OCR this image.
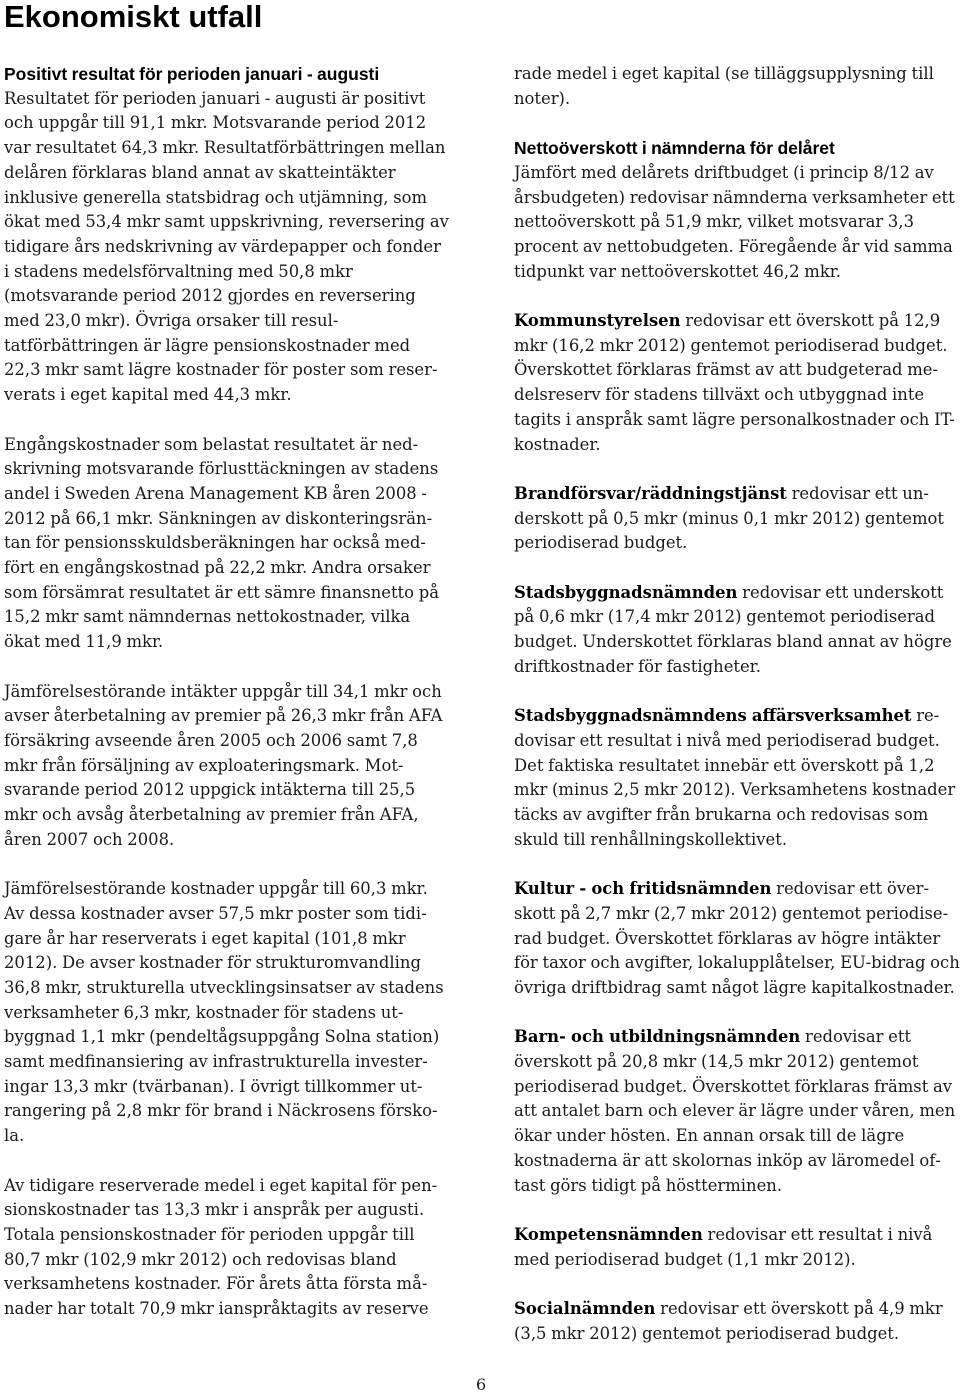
Ekonomiskt utfall
Positivt resultat för perioden januari - augusti

Resultatet för perioden januari - augusti är positivt och uppgår till 91,1 mkr. Motsvarande period 2012 var resultatet 64,3 mkr. Resultatförbättringen mellan delåren förklaras bland annat av skatteintäkter inklusive generella statsbidrag och utjämning, som ökat med 53,4 mkr samt uppskrivning, reversering av tidigare års nedskrivning av värdepapper och fonder i stadens medelsförvaltning med 50,8 mkr (motsvarande period 2012 gjordes en reversering med 23,0 mkr). Övriga orsaker till resultatförbättringen är lägre pensionskostnader med 22,3 mkr samt lägre kostnader för poster som reserverats i eget kapital med 44,3 mkr.

Engångskostnader som belastat resultatet är nedskrivning motsvarande förlusttäckningen av stadens andel i Sweden Arena Management KB åren 2008 - 2012 på 66,1 mkr. Sänkningen av diskonteringsräntan för pensionsskuldsberäkningen har också medfört en engångskostnad på 22,2 mkr. Andra orsaker som försämrat resultatet är ett sämre finansnetto på 15,2 mkr samt nämndernas nettokostnader, vilka ökat med 11,9 mkr.

Jämförelsestörande intäkter uppgår till 34,1 mkr och avser återbetalning av premier på 26,3 mkr från AFA försäkring avseende åren 2005 och 2006 samt 7,8 mkr från försäljning av exploateringsmark. Motsvarande period 2012 uppgick intäkterna till 25,5 mkr och avsåg återbetalning av premier från AFA, åren 2007 och 2008.

Jämförelsestörande kostnader uppgår till 60,3 mkr. Av dessa kostnader avser 57,5 mkr poster som tidigare år har reserverats i eget kapital (101,8 mkr 2012). De avser kostnader för strukturomvandling 36,8 mkr, strukturella utvecklingsinsatser av stadens verksamheter 6,3 mkr, kostnader för stadens utbyggnad 1,1 mkr (pendeltågsuppgång Solna station) samt medfinansiering av infrastrukturella investeringar 13,3 mkr (tvärbanan). I övrigt tillkommer utrangering på 2,8 mkr för brand i Näckrosens förskola.

Av tidigare reserverade medel i eget kapital för pensionskostnader tas 13,3 mkr i anspråk per augusti. Totala pensionskostnader för perioden uppgår till 80,7 mkr (102,9 mkr 2012) och redovisas bland verksamhetens kostnader. För årets åtta första månader har totalt 70,9 mkr ianspråktagits av reserve

rade medel i eget kapital (se tilläggsupplysning till noter).

Nettoöverskott i nämnderna för delåret

Jämfört med delårets driftbudget (i princip 8/12 av årsbudgeten) redovisar nämnderna verksamheter ett nettoöverskott på 51,9 mkr, vilket motsvarar 3,3 procent av nettobudgeten. Föregående år vid samma tidpunkt var nettoöverskottet 46,2 mkr.

Kommunstyrelsen redovisar ett överskott på 12,9 mkr (16,2 mkr 2012) gentemot periodiserad budget. Överskottet förklaras främst av att budgeterad medelsreserv för stadens tillväxt och utbyggnad inte tagits i anspråk samt lägre personalkostnader och IT-kostnader.

Brandförsvar/räddningstjänst redovisar ett underskott på 0,5 mkr (minus 0,1 mkr 2012) gentemot periodiserad budget.

Stadsbyggnadsnämnden redovisar ett underskott på 0,6 mkr (17,4 mkr 2012) gentemot periodiserad budget. Underskottet förklaras bland annat av högre driftkostnader för fastigheter.

Stadsbyggnadsnämndens affärsverksamhet redovisar ett resultat i nivå med periodiserad budget. Det faktiska resultatet innebär ett överskott på 1,2 mkr (minus 2,5 mkr 2012). Verksamhetens kostnader täcks av avgifter från brukarna och redovisas som skuld till renhållningskollektivet.

Kultur - och fritidsnämnden redovisar ett överskott på 2,7 mkr (2,7 mkr 2012) gentemot periodiserad budget. Överskottet förklaras av högre intäkter för taxor och avgifter, lokalupplåtelser, EU-bidrag och övriga driftbidrag samt något lägre kapitalkostnader.

Barn- och utbildningsnämnden redovisar ett överskott på 20,8 mkr (14,5 mkr 2012) gentemot periodiserad budget. Överskottet förklaras främst av att antalet barn och elever är lägre under våren, men ökar under hösten. En annan orsak till de lägre kostnaderna är att skolornas inköp av läromedel oftast görs tidigt på höstterminen.

Kompetensnämnden redovisar ett resultat i nivå med periodiserad budget (1,1 mkr 2012).

Socialnämnden redovisar ett överskott på 4,9 mkr (3,5 mkr 2012) gentemot periodiserad budget.

6
